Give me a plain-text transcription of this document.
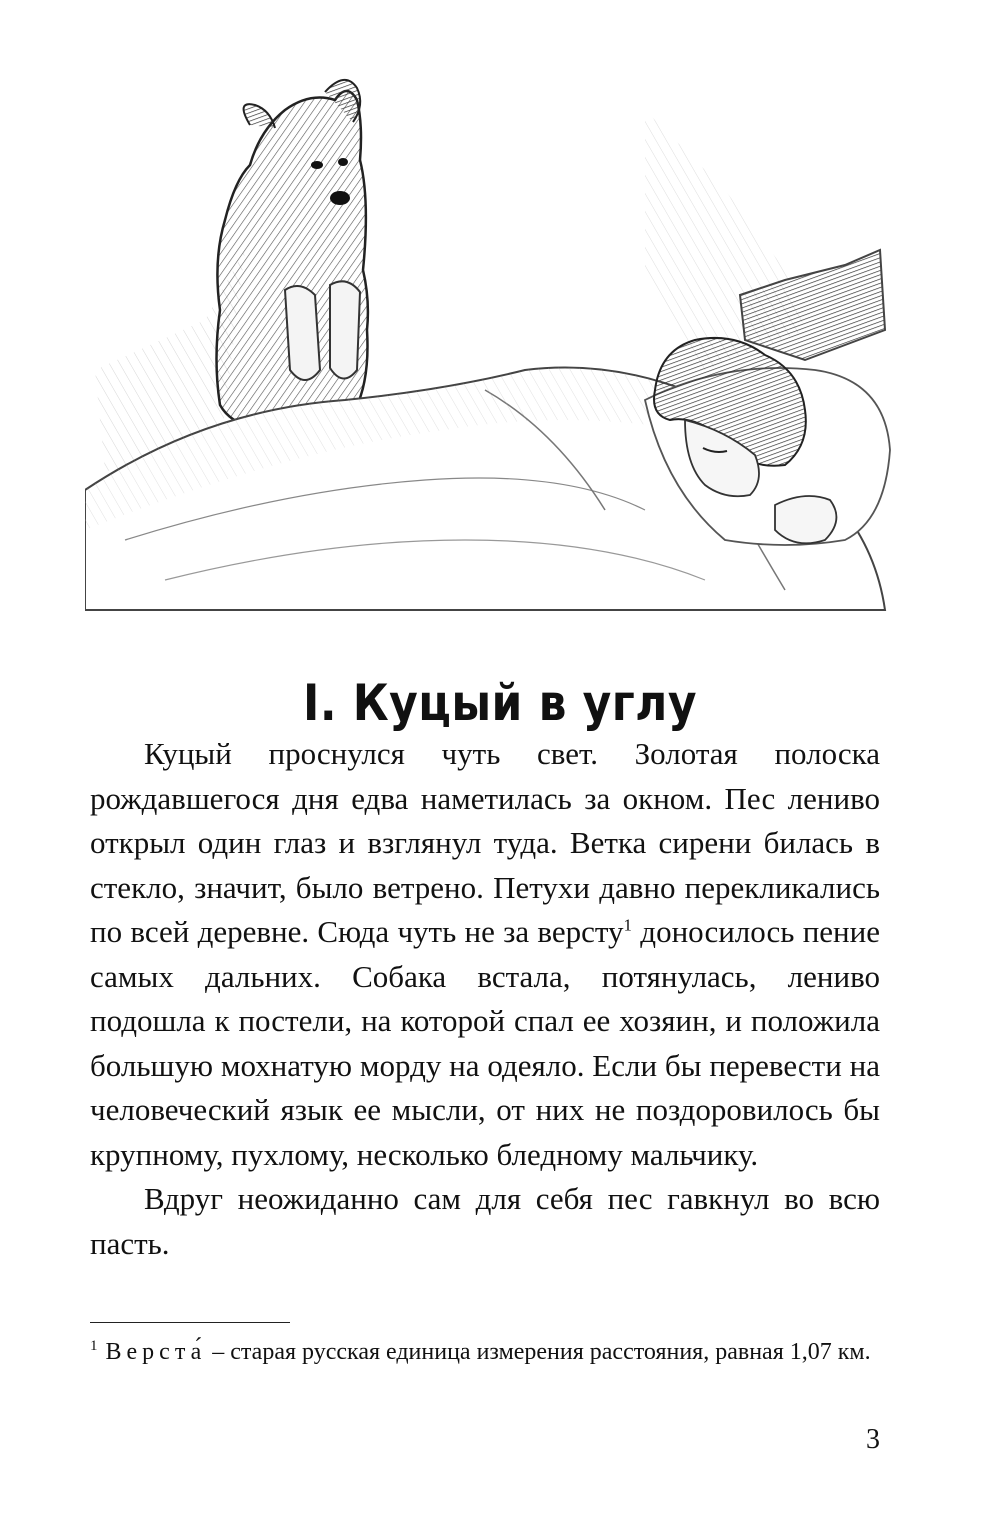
I. Куцый в углу

Куцый проснулся чуть свет. Золотая полоска рождавшегося дня едва наметилась за окном. Пес лениво открыл один глаз и взглянул туда. Ветка сирени билась в стекло, значит, было ветрено. Петухи давно перекликались по всей деревне. Сюда чуть не за версту$^1$ доносилось пение самых дальних. Собака встала, потянулась, лениво подошла к постели, на которой спал ее хозяин, и положила большую мохнатую морду на одеяло. Если бы перевести на человеческий язык ее мысли, от них не поздоровилось бы крупному, пухлому, несколько бледному мальчику.

Вдруг неожиданно сам для себя пес гавкнул во всю пасть.

$^1$ Верста́ – старая русская единица измерения расстояния, равная 1,07 км.
3
